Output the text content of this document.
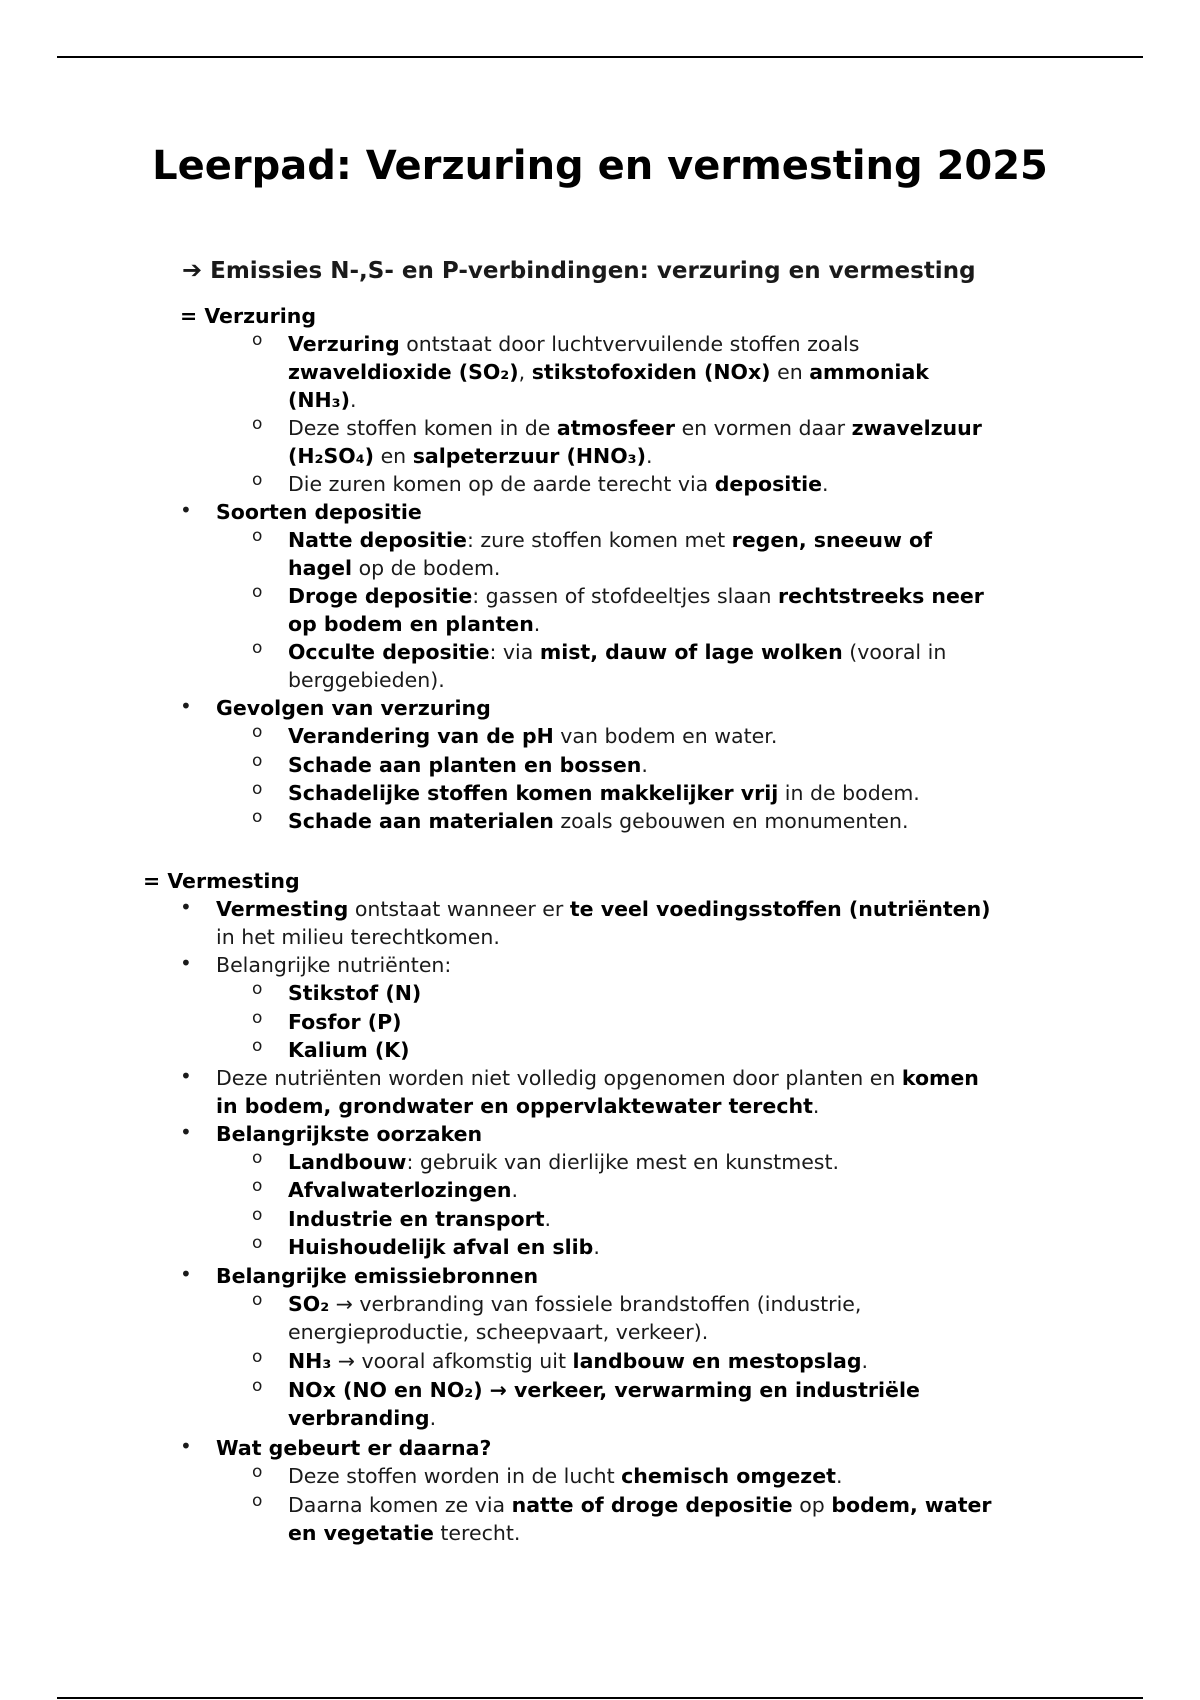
Leerpad: Verzuring en vermesting 2025
➔ Emissies N-,S- en P-verbindingen: verzuring en vermesting
= Verzuring
o Verzuring ontstaat door luchtvervuilende stoffen zoals
zwaveldioxide (SO₂), stikstofoxiden (NOx) en ammoniak
(NH₃).
o Deze stoffen komen in de atmosfeer en vormen daar zwavelzuur
(H₂SO₄) en salpeterzuur (HNO₃).
o Die zuren komen op de aarde terecht via depositie.
• Soorten depositie
o Natte depositie: zure stoffen komen met regen, sneeuw of
hagel op de bodem.
o Droge depositie: gassen of stofdeeltjes slaan rechtstreeks neer
op bodem en planten.
o Occulte depositie: via mist, dauw of lage wolken (vooral in
berggebieden).
• Gevolgen van verzuring
o Verandering van de pH van bodem en water.
o Schade aan planten en bossen.
o Schadelijke stoffen komen makkelijker vrij in de bodem.
o Schade aan materialen zoals gebouwen en monumenten.
= Vermesting
• Vermesting ontstaat wanneer er te veel voedingsstoffen (nutriënten)
in het milieu terechtkomen.
• Belangrijke nutriënten:
o Stikstof (N)
o Fosfor (P)
o Kalium (K)
• Deze nutriënten worden niet volledig opgenomen door planten en komen
in bodem, grondwater en oppervlaktewater terecht.
• Belangrijkste oorzaken
o Landbouw: gebruik van dierlijke mest en kunstmest.
o Afvalwaterlozingen.
o Industrie en transport.
o Huishoudelijk afval en slib.
• Belangrijke emissiebronnen
o SO₂ → verbranding van fossiele brandstoffen (industrie,
energieproductie, scheepvaart, verkeer).
o NH₃ → vooral afkomstig uit landbouw en mestopslag.
o NOx (NO en NO₂) → verkeer, verwarming en industriële
verbranding.
• Wat gebeurt er daarna?
o Deze stoffen worden in de lucht chemisch omgezet.
o Daarna komen ze via natte of droge depositie op bodem, water
en vegetatie terecht.
